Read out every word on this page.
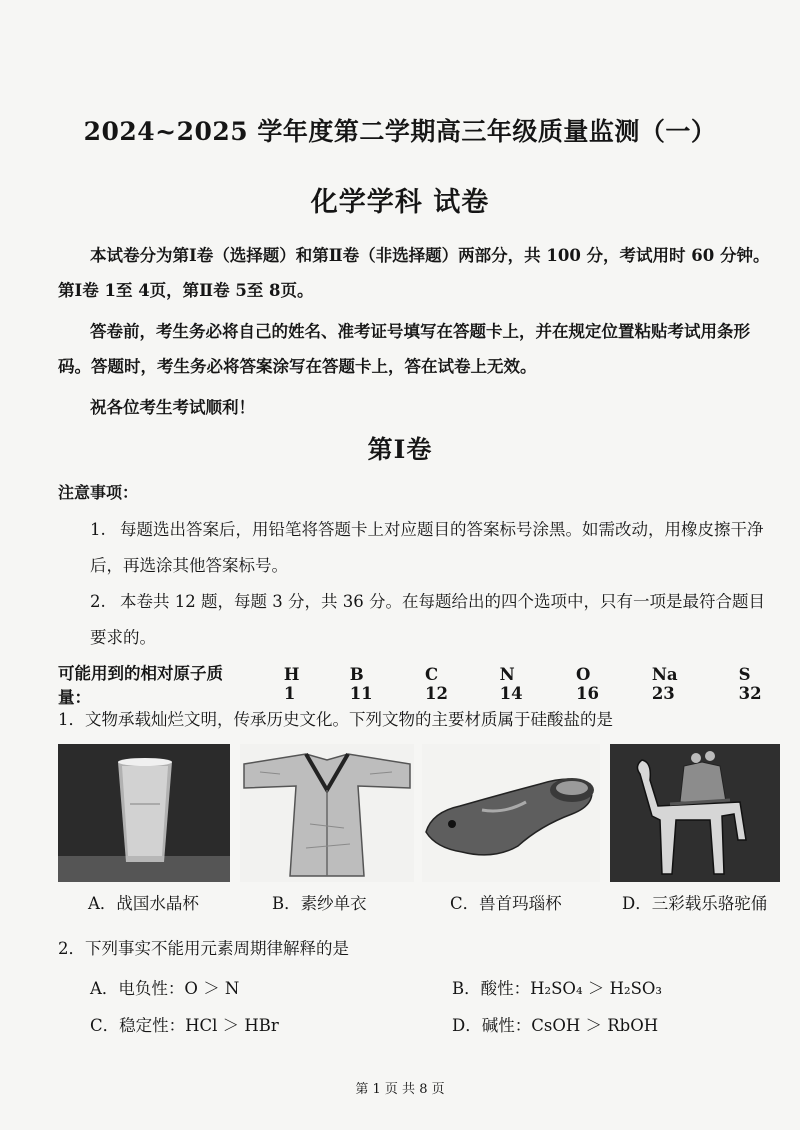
2024~2025 学年度第二学期高三年级质量监测（一）
化学学科 试卷
本试卷分为第Ⅰ卷（选择题）和第Ⅱ卷（非选择题）两部分，共 100 分，考试用时 60 分钟。第Ⅰ卷 1至 4页，第Ⅱ卷 5至 8页。
答卷前，考生务必将自己的姓名、准考证号填写在答题卡上，并在规定位置粘贴考试用条形码。答题时，考生务必将答案涂写在答题卡上，答在试卷上无效。
祝各位考生考试顺利！
第Ⅰ卷
注意事项：
1. 每题选出答案后，用铅笔将答题卡上对应题目的答案标号涂黑。如需改动，用橡皮擦干净后，再选涂其他答案标号。
2. 本卷共 12 题，每题 3 分，共 36 分。在每题给出的四个选项中，只有一项是最符合题目要求的。
可能用到的相对原子质量：
H 1
B 11
C 12
N 14
O 16
Na 23
S 32
1．文物承载灿烂文明，传承历史文化。下列文物的主要材质属于硅酸盐的是
A．战国水晶杯	B．素纱单衣	C．兽首玛瑙杯	D．三彩载乐骆驼俑
2．下列事实不能用元素周期律解释的是
A．电负性：O ＞ N	B．酸性：H₂SO₄ ＞ H₂SO₃
C．稳定性：HCl ＞ HBr	D．碱性：CsOH ＞ RbOH
第 1 页 共 8 页
